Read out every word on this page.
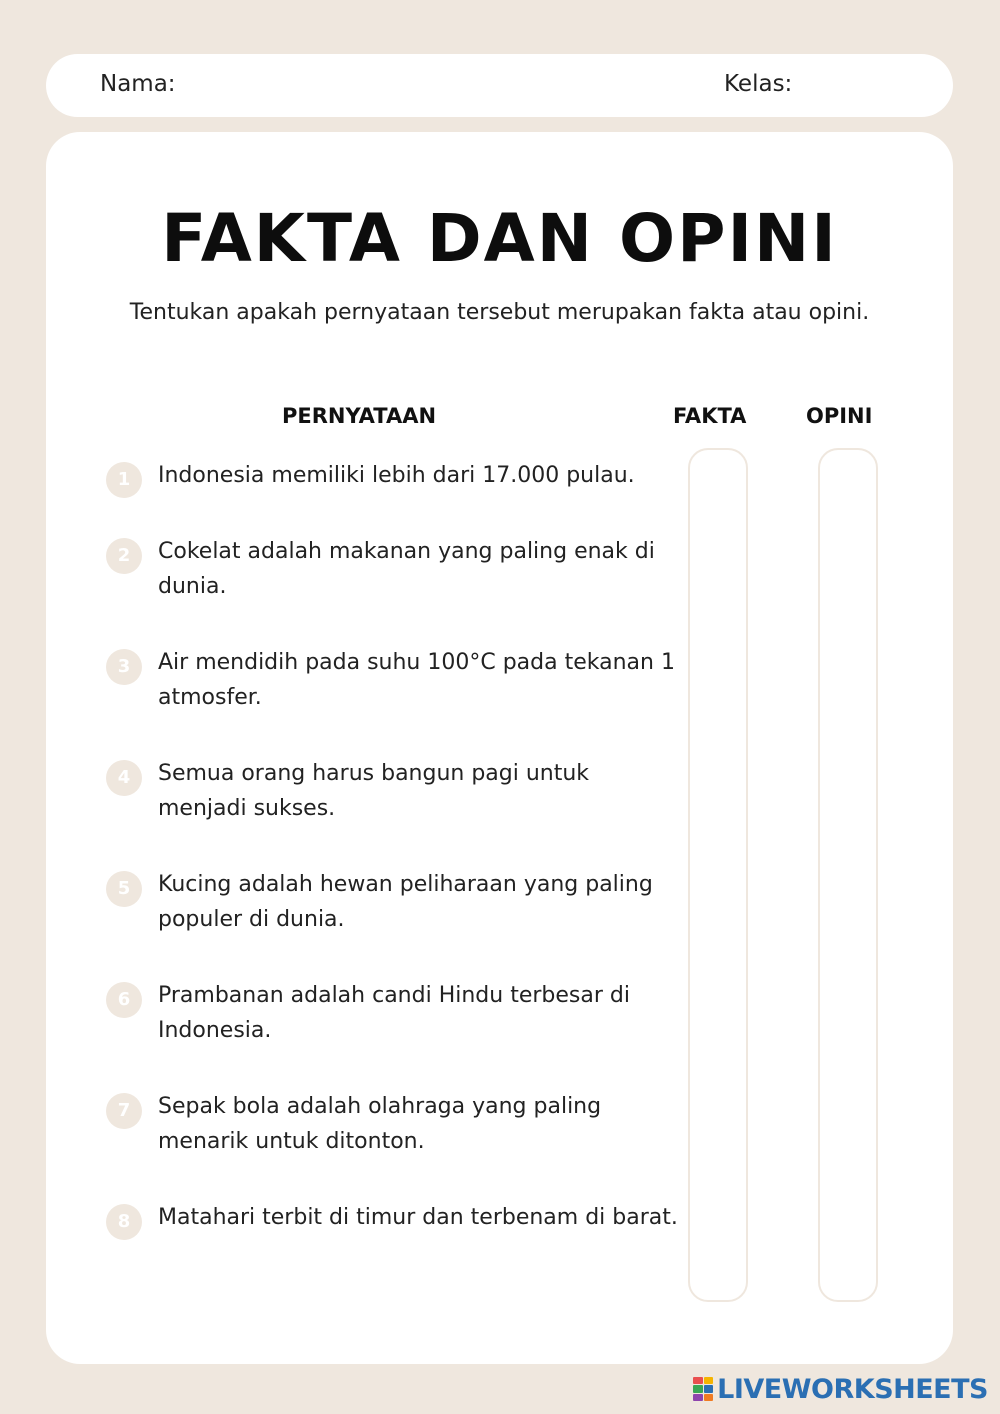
Nama:	Kelas:
FAKTA DAN OPINI

Tentukan apakah pernyataan tersebut merupakan fakta atau opini.

PERNYATAAN	FAKTA	OPINI
1	Indonesia memiliki lebih dari 17.000 pulau.
2	Cokelat adalah makanan yang paling enak di dunia.
3	Air mendidih pada suhu 100°C pada tekanan 1 atmosfer.
4	Semua orang harus bangun pagi untuk menjadi sukses.
5	Kucing adalah hewan peliharaan yang paling populer di dunia.
6	Prambanan adalah candi Hindu terbesar di Indonesia.
7	Sepak bola adalah olahraga yang paling menarik untuk ditonton.
8	Matahari terbit di timur dan terbenam di barat.
LIVEWORKSHEETS
